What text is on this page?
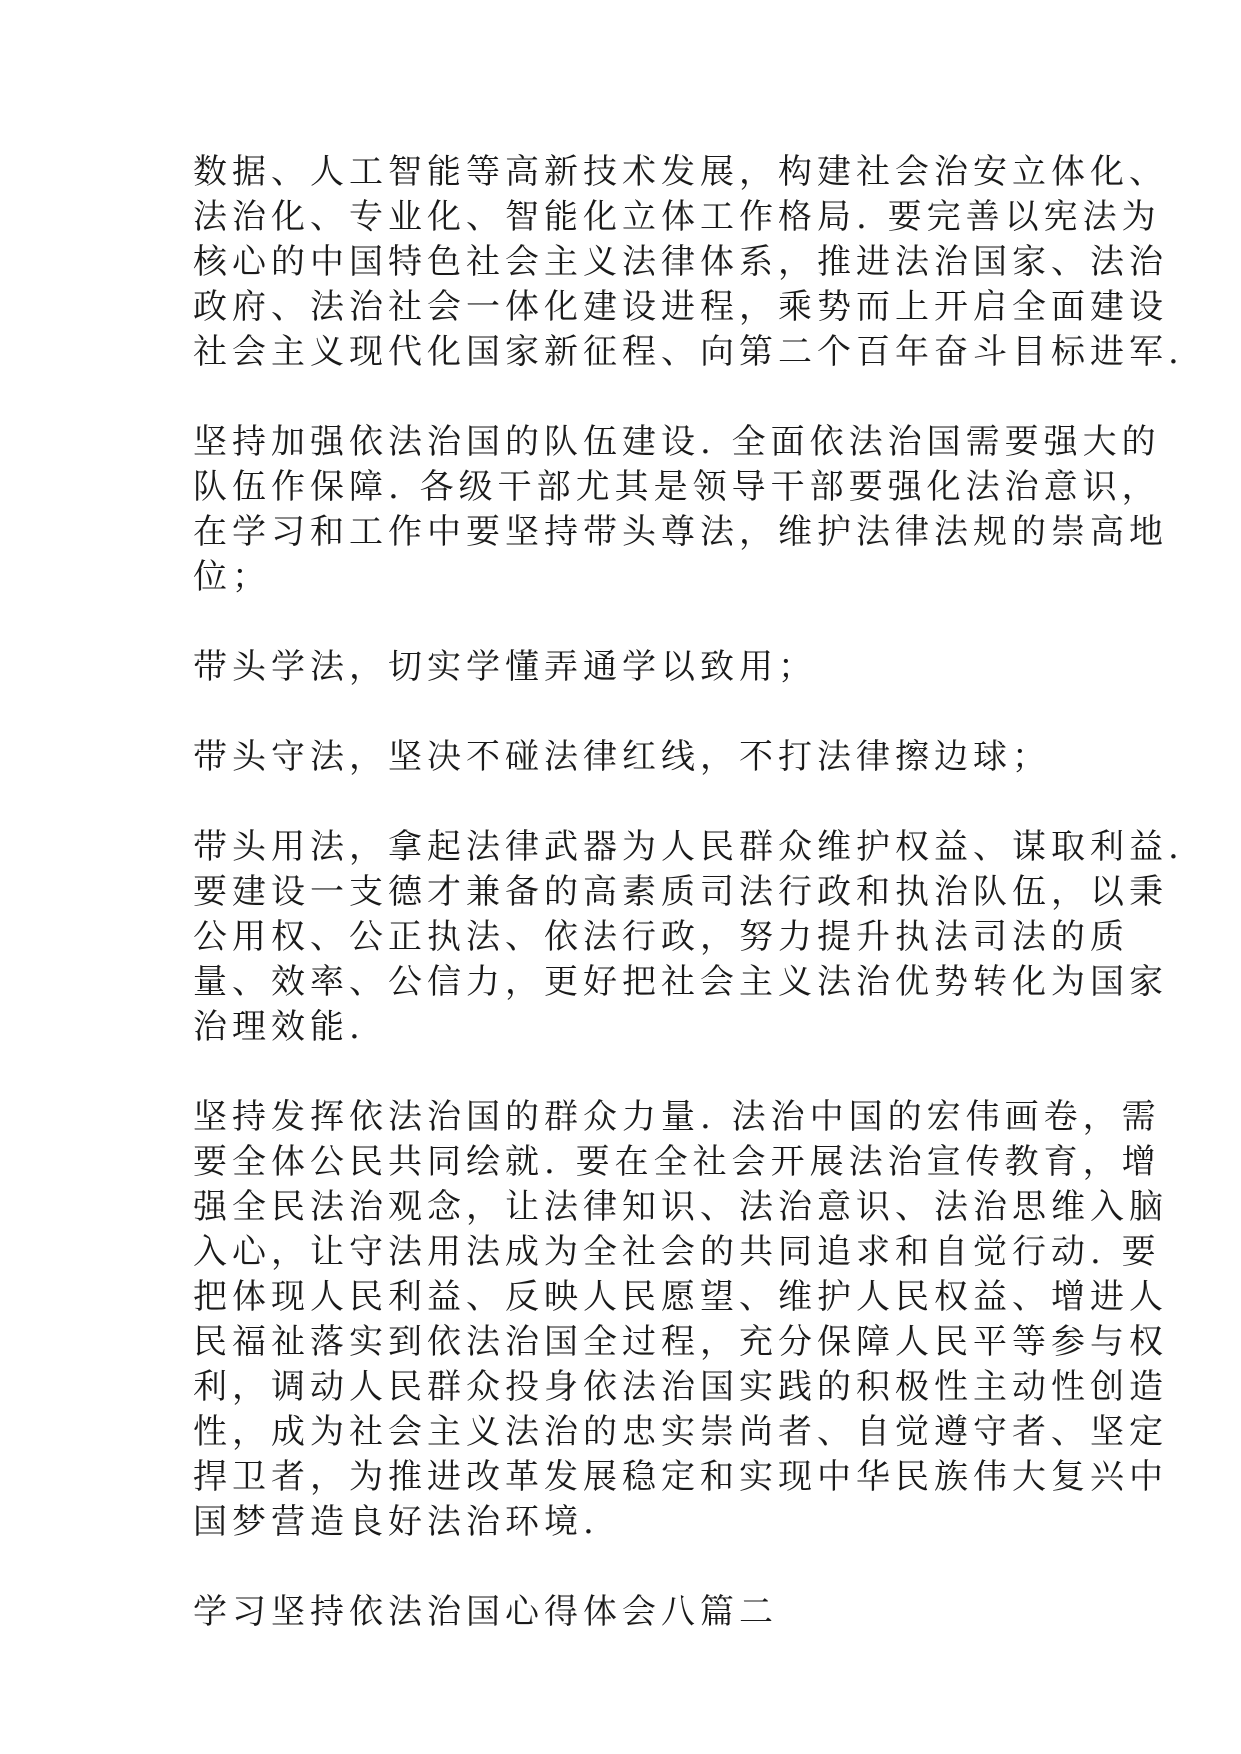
数据、人工智能等高新技术发展，构建社会治安立体化、
法治化、专业化、智能化立体工作格局. 要完善以宪法为
核心的中国特色社会主义法律体系，推进法治国家、法治
政府、法治社会一体化建设进程，乘势而上开启全面建设
社会主义现代化国家新征程、向第二个百年奋斗目标进军.

坚持加强依法治国的队伍建设. 全面依法治国需要强大的
队伍作保障. 各级干部尤其是领导干部要强化法治意识，
在学习和工作中要坚持带头尊法，维护法律法规的崇高地
位；

带头学法，切实学懂弄通学以致用；

带头守法，坚决不碰法律红线，不打法律擦边球；

带头用法，拿起法律武器为人民群众维护权益、谋取利益.
要建设一支德才兼备的高素质司法行政和执治队伍，以秉
公用权、公正执法、依法行政，努力提升执法司法的质
量、效率、公信力，更好把社会主义法治优势转化为国家
治理效能.

坚持发挥依法治国的群众力量. 法治中国的宏伟画卷，需
要全体公民共同绘就. 要在全社会开展法治宣传教育，增
强全民法治观念，让法律知识、法治意识、法治思维入脑
入心，让守法用法成为全社会的共同追求和自觉行动. 要
把体现人民利益、反映人民愿望、维护人民权益、增进人
民福祉落实到依法治国全过程，充分保障人民平等参与权
利，调动人民群众投身依法治国实践的积极性主动性创造
性，成为社会主义法治的忠实崇尚者、自觉遵守者、坚定
捍卫者，为推进改革发展稳定和实现中华民族伟大复兴中
国梦营造良好法治环境.

学习坚持依法治国心得体会八篇二
